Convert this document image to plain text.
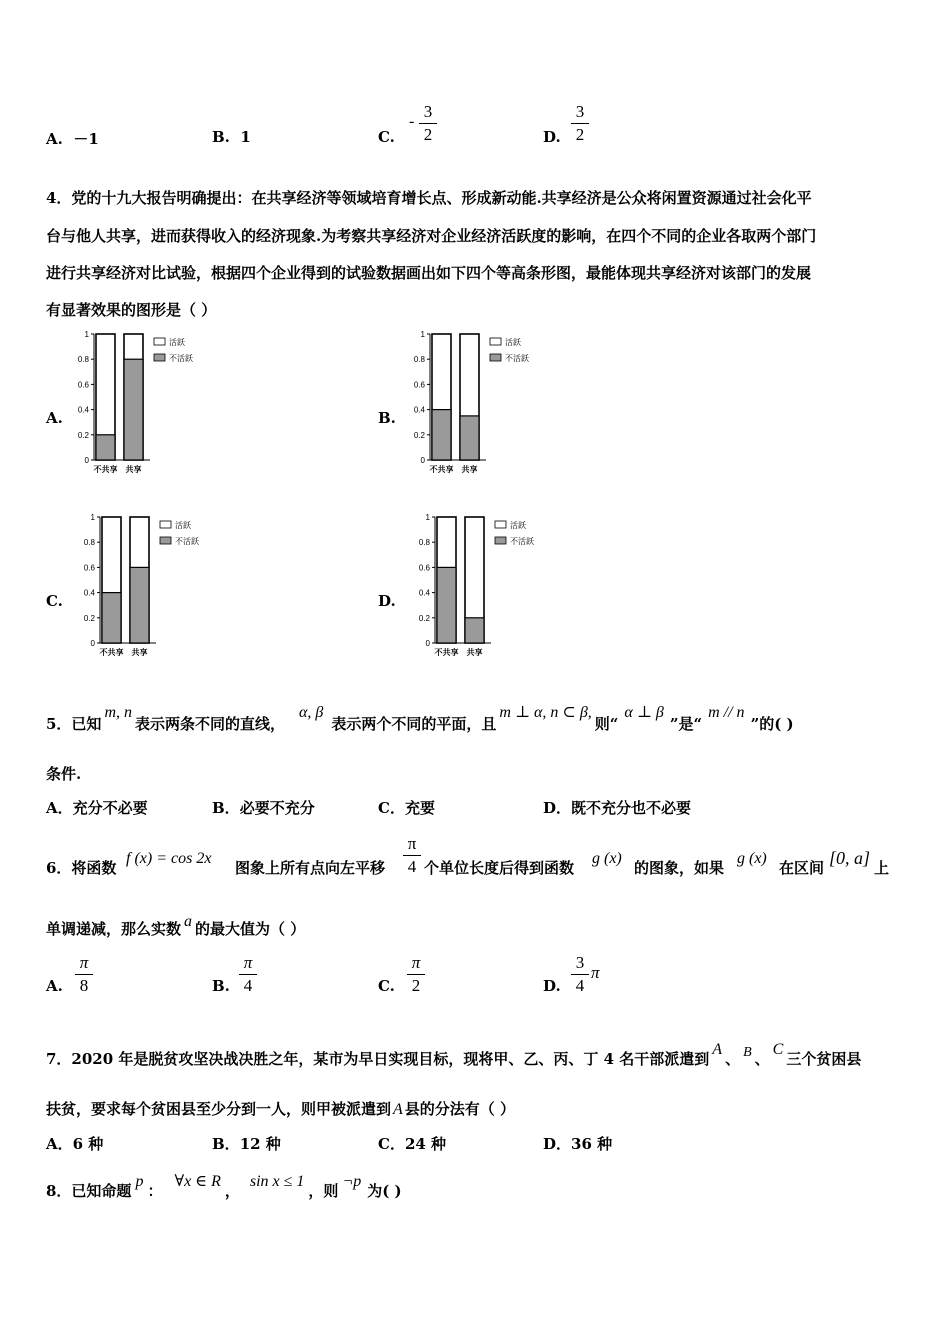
A. －1	B. 1	C.
-
3
2	D.
3
2
4．党的十九大报告明确提出：在共享经济等领域培育增长点、形成新动能.共享经济是公众将闲置资源通过社会化平
台与他人共享，进而获得收入的经济现象.为考察共享经济对企业经济活跃度的影响，在四个不同的企业各取两个部门
进行共享经济对比试验，根据四个企业得到的试验数据画出如下四个等高条形图，最能体现共享经济对该部门的发展
有显著效果的图形是（ ）
A.	B.
C.	D.
0
0.2
0.4
0.6
0.8
1
不共享 共享
活跃
不活跃
0
0.2
0.4
0.6
0.8
1
不共享 共享
活跃
不活跃
0
0.2
0.4
0.6
0.8
1
不共享 共享
活跃
不活跃
0
0.2
0.4
0.6
0.8
1
不共享 共享
活跃
不活跃
5．已知m, n表示两条不同的直线，α, β表示两个不同的平面，且m ⊥ α, n ⊂ β,则“α ⊥ β”是“m // n”的( )
条件.
A．充分不必要	B．必要不充分	C．充要	D．既不充分也不必要
6．将函数
f (x) = cos 2x
图象上所有点向左平移
π
4 个单位长度后得到函数
g (x)
的图象，如果
g (x)
在区间 [0, a] 上
单调递减，那么实数 a 的最大值为（ ）
A.
π
8	B.
π
4	C.
π
2	D.
3
4
π
7．2020 年是脱贫攻坚决战决胜之年，某市为早日实现目标，现将甲、乙、丙、丁 4 名干部派遣到A、 B 、C三个贫困县
扶贫，要求每个贫困县至少分到一人，则甲被派遣到 A 县的分法有（ ）
A．6 种	B．12 种	C．24 种	D．36 种
8．已知命题p：∀x ∈ R，sin x ≤ 1，则¬p为( )
